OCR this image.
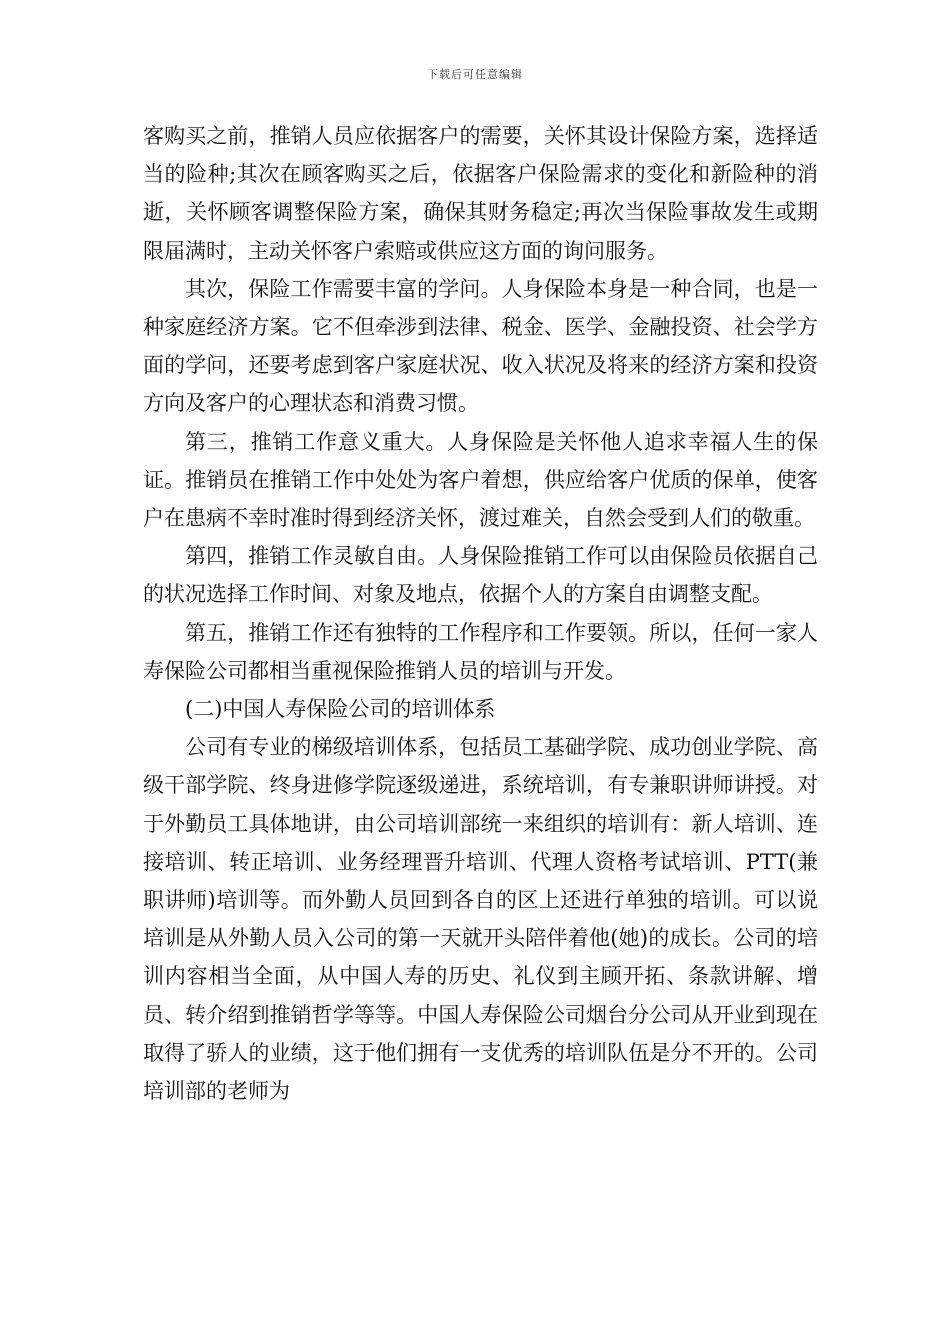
下载后可任意编辑

客购买之前，推销人员应依据客户的需要，关怀其设计保险方案，选择适当的险种;其次在顾客购买之后，依据客户保险需求的变化和新险种的消逝，关怀顾客调整保险方案，确保其财务稳定;再次当保险事故发生或期限届满时，主动关怀客户索赔或供应这方面的询问服务。

其次，保险工作需要丰富的学问。人身保险本身是一种合同，也是一种家庭经济方案。它不但牵涉到法律、税金、医学、金融投资、社会学方面的学问，还要考虑到客户家庭状况、收入状况及将来的经济方案和投资方向及客户的心理状态和消费习惯。

第三，推销工作意义重大。人身保险是关怀他人追求幸福人生的保证。推销员在推销工作中处处为客户着想，供应给客户优质的保单，使客户在患病不幸时准时得到经济关怀，渡过难关，自然会受到人们的敬重。

第四，推销工作灵敏自由。人身保险推销工作可以由保险员依据自己的状况选择工作时间、对象及地点，依据个人的方案自由调整支配。

第五，推销工作还有独特的工作程序和工作要领。所以，任何一家人寿保险公司都相当重视保险推销人员的培训与开发。

(二)中国人寿保险公司的培训体系

公司有专业的梯级培训体系，包括员工基础学院、成功创业学院、高级干部学院、终身进修学院逐级递进，系统培训，有专兼职讲师讲授。对于外勤员工具体地讲，由公司培训部统一来组织的培训有：新人培训、连接培训、转正培训、业务经理晋升培训、代理人资格考试培训、PTT(兼职讲师)培训等。而外勤人员回到各自的区上还进行单独的培训。可以说培训是从外勤人员入公司的第一天就开头陪伴着他(她)的成长。公司的培训内容相当全面，从中国人寿的历史、礼仪到主顾开拓、条款讲解、增员、转介绍到推销哲学等等。中国人寿保险公司烟台分公司从开业到现在取得了骄人的业绩，这于他们拥有一支优秀的培训队伍是分不开的。公司培训部的老师为
